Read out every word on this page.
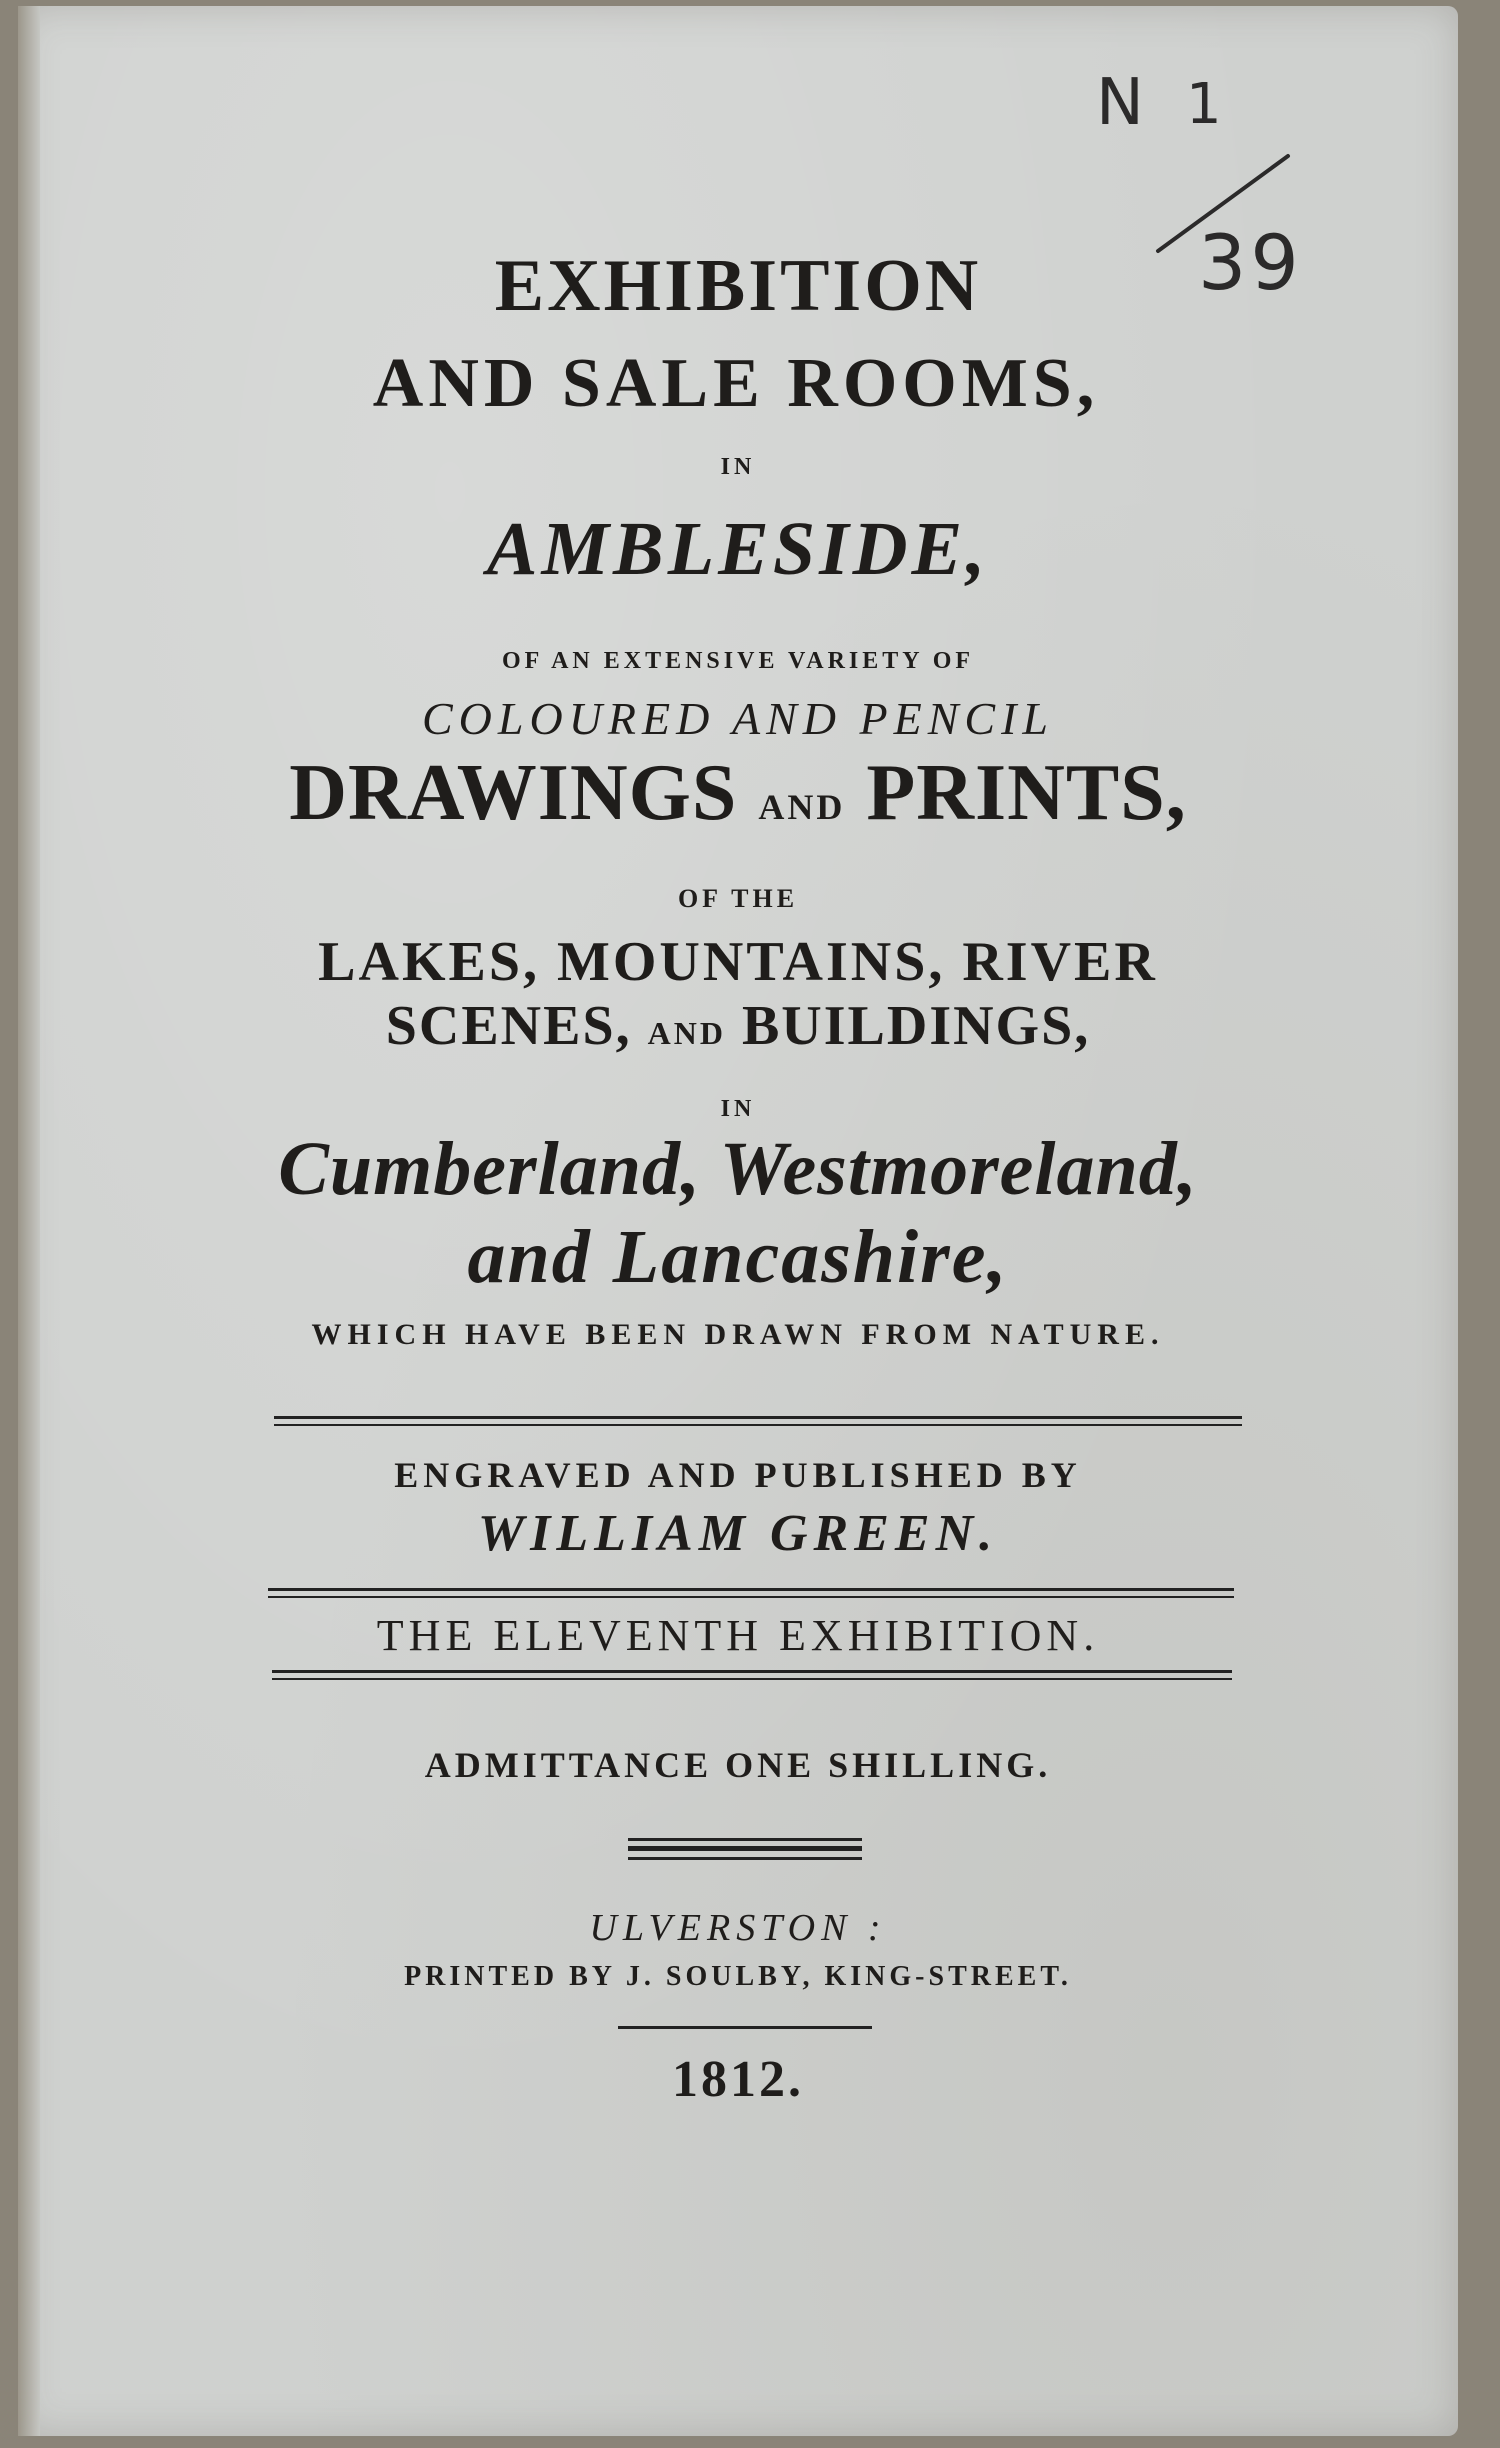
N 1
39
EXHIBITION
AND SALE ROOMS,
IN
AMBLESIDE,
OF AN EXTENSIVE VARIETY OF
COLOURED AND PENCIL
DRAWINGS AND PRINTS,
OF THE
LAKES, MOUNTAINS, RIVER
SCENES, AND BUILDINGS,
IN
Cumberland, Westmoreland,
and Lancashire,
WHICH HAVE BEEN DRAWN FROM NATURE.
ENGRAVED AND PUBLISHED BY
WILLIAM GREEN.
THE ELEVENTH EXHIBITION.
ADMITTANCE ONE SHILLING.
ULVERSTON :
PRINTED BY J. SOULBY, KING-STREET.
1812.
